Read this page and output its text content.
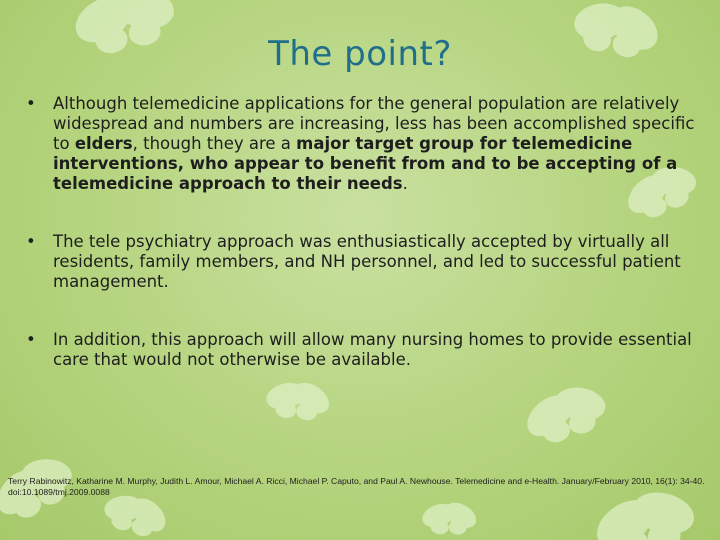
The point?
• Although telemedicine applications for the general population are relatively widespread and numbers are increasing, less has been accomplished specific to elders, though they are a major target group for telemedicine interventions, who appear to benefit from and to be accepting of a telemedicine approach to their needs.
• The tele psychiatry approach was enthusiastically accepted by virtually all residents, family members, and NH personnel, and led to successful patient management.
• In addition, this approach will allow many nursing homes to provide essential care that would not otherwise be available.
Terry Rabinowitz, Katharine M. Murphy, Judith L. Amour, Michael A. Ricci, Michael P. Caputo, and Paul A. Newhouse. Telemedicine and e-Health. January/February 2010, 16(1): 34-40. doi:10.1089/tmj.2009.0088
